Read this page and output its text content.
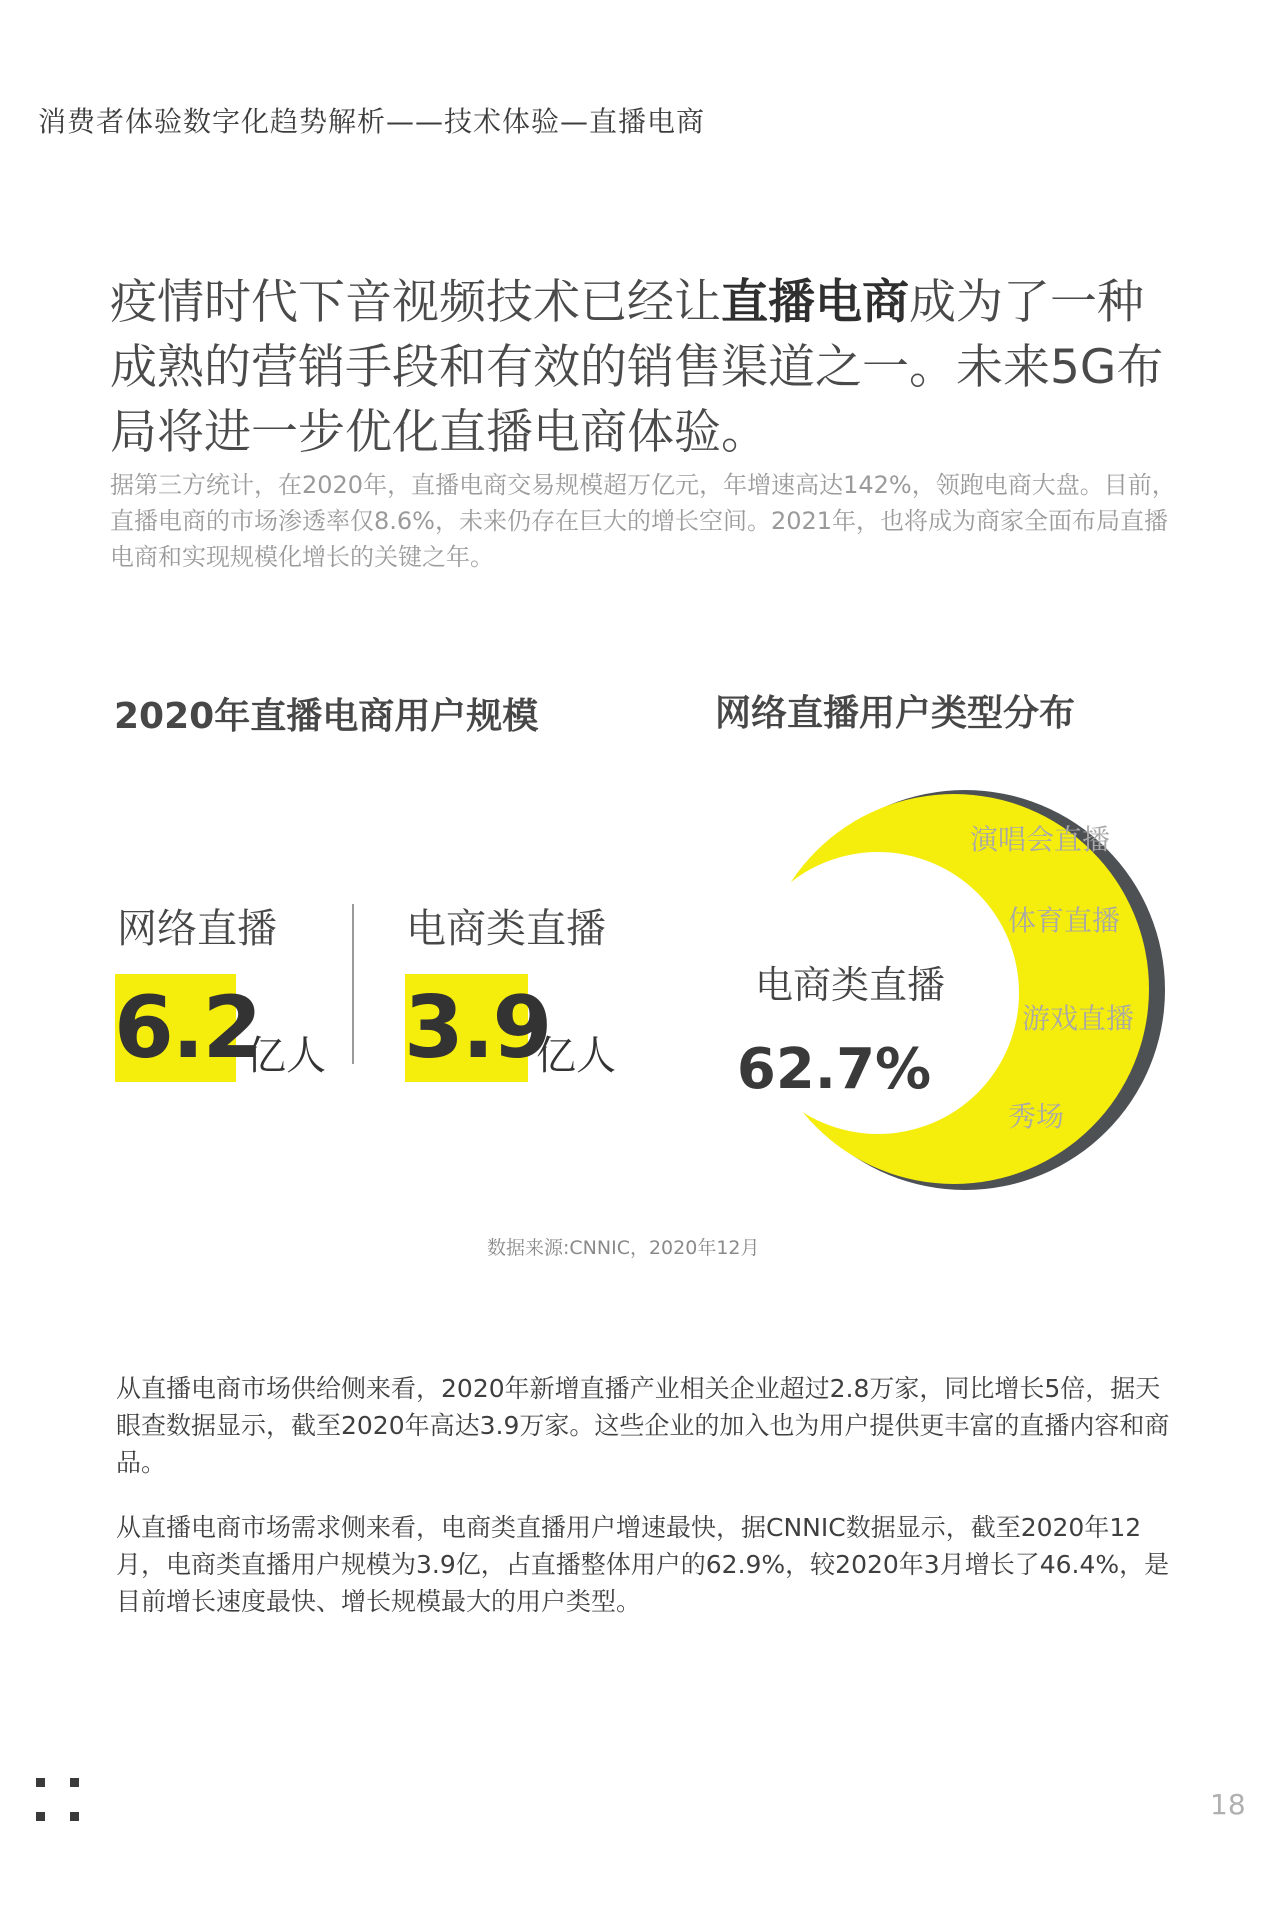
消费者体验数字化趋势解析——技术体验—直播电商
疫情时代下音视频技术已经让直播电商成为了一种成熟的营销手段和有效的销售渠道之一。未来5G布局将进一步优化直播电商体验。
据第三方统计，在2020年，直播电商交易规模超万亿元，年增速高达142%，领跑电商大盘。目前，直播电商的市场渗透率仅8.6%，未来仍存在巨大的增长空间。2021年，也将成为商家全面布局直播电商和实现规模化增长的关键之年。
2020年直播电商用户规模	网络直播用户类型分布
网络直播	电商类直播
6.2 3.9
亿人	亿人
电商类直播
62.7%
演唱会直播
体育直播
游戏直播
秀场
数据来源:CNNIC，2020年12月
从直播电商市场供给侧来看，2020年新增直播产业相关企业超过2.8万家，同比增长5倍，据天眼查数据显示，截至2020年高达3.9万家。这些企业的加入也为用户提供更丰富的直播内容和商品。
从直播电商市场需求侧来看，电商类直播用户增速最快，据CNNIC数据显示，截至2020年12月，电商类直播用户规模为3.9亿，占直播整体用户的62.9%，较2020年3月增长了46.4%，是目前增长速度最快、增长规模最大的用户类型。
18
